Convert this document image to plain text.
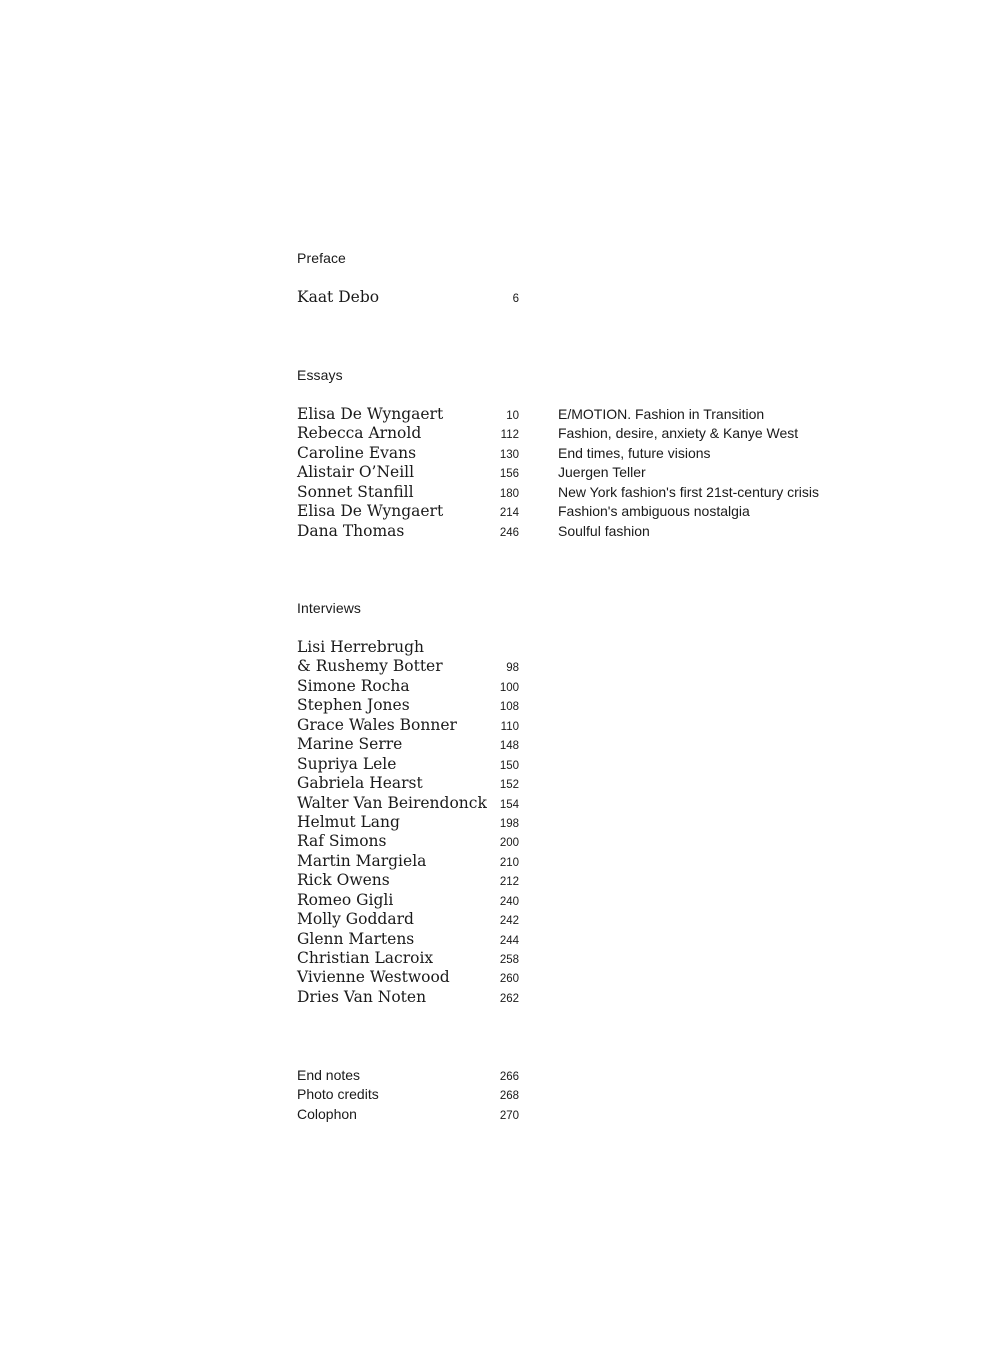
Preface
Kaat Debo	6
Essays
Elisa De Wyngaert	10	E/MOTION. Fashion in Transition
Rebecca Arnold	112	Fashion, desire, anxiety & Kanye West
Caroline Evans	130	End times, future visions
Alistair O’Neill	156	Juergen Teller
Sonnet Stanfill	180	New York fashion's first 21st-century crisis
Elisa De Wyngaert	214	Fashion's ambiguous nostalgia
Dana Thomas	246	Soulful fashion
Interviews
Lisi Herrebrugh
& Rushemy Botter	98
Simone Rocha	100
Stephen Jones	108
Grace Wales Bonner	110
Marine Serre	148
Supriya Lele	150
Gabriela Hearst	152
Walter Van Beirendonck	154
Helmut Lang	198
Raf Simons	200
Martin Margiela	210
Rick Owens	212
Romeo Gigli	240
Molly Goddard	242
Glenn Martens	244
Christian Lacroix	258
Vivienne Westwood	260
Dries Van Noten	262
End notes	266
Photo credits	268
Colophon	270
